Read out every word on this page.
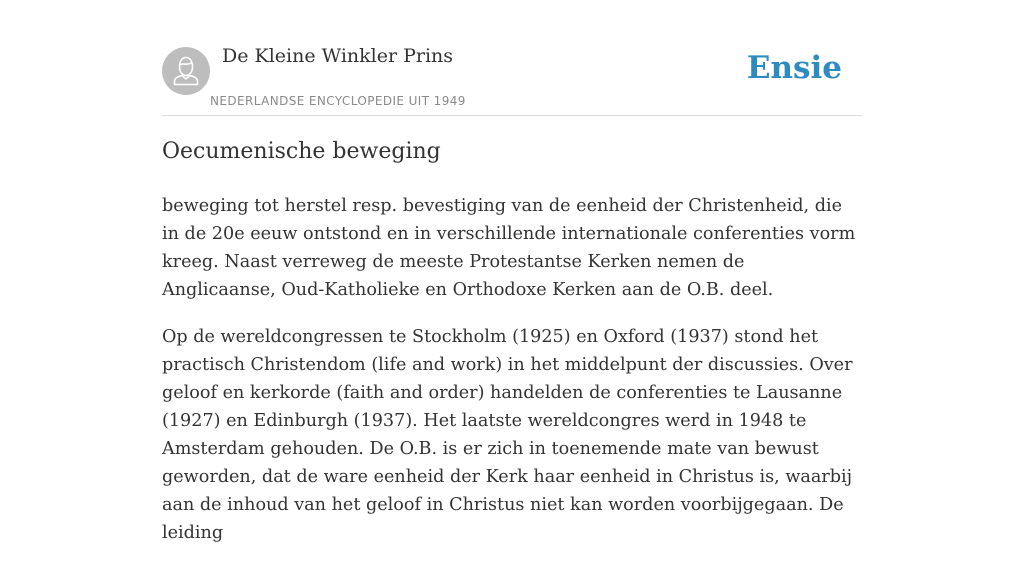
De Kleine Winkler Prins
NEDERLANDSE ENCYCLOPEDIE UIT 1949
Ensie
Oecumenische beweging

beweging tot herstel resp. bevestiging van de eenheid der Christenheid, die in de 20e eeuw ontstond en in verschillende internationale conferenties vorm kreeg. Naast verreweg de meeste Protestantse Kerken nemen de Anglicaanse, Oud-Katholieke en Orthodoxe Kerken aan de O.B. deel.

Op de wereldcongressen te Stockholm (1925) en Oxford (1937) stond het practisch Christendom (life and work) in het middelpunt der discussies. Over geloof en kerkorde (faith and order) handelden de conferenties te Lausanne (1927) en Edinburgh (1937). Het laatste wereldcongres werd in 1948 te Amsterdam gehouden. De O.B. is er zich in toenemende mate van bewust geworden, dat de ware eenheid der Kerk haar eenheid in Christus is, waarbij aan de inhoud van het geloof in Christus niet kan worden voorbijgegaan. De leiding
